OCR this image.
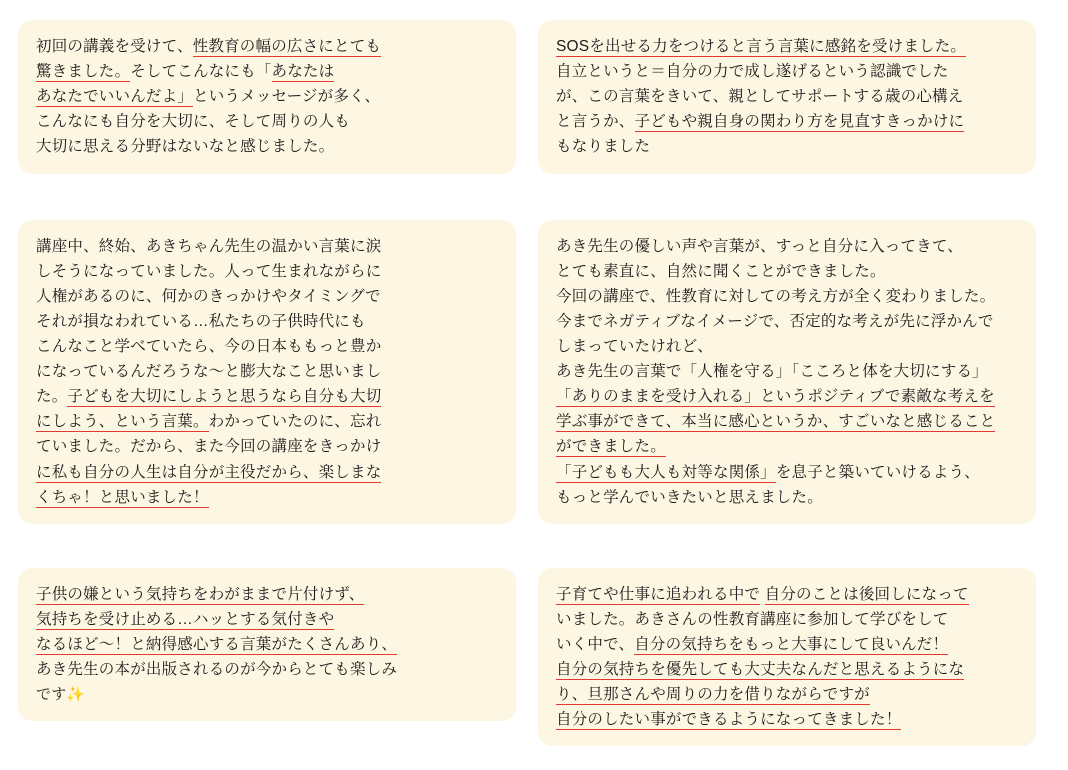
初回の講義を受けて、性教育の幅の広さにとても

驚きました。そしてこんなにも「あなたは

あなたでいいんだよ」というメッセージが多く、

こんなにも自分を大切に、そして周りの人も

大切に思える分野はないなと感じました。

講座中、終始、あきちゃん先生の温かい言葉に涙

しそうになっていました。人って生まれながらに

人権があるのに、何かのきっかけやタイミングで

それが損なわれている…私たちの子供時代にも

こんなこと学べていたら、今の日本ももっと豊か

になっているんだろうな〜と膨大なこと思いまし

た。子どもを大切にしようと思うなら自分も大切

にしよう、という言葉。わかっていたのに、忘れ

ていました。だから、また今回の講座をきっかけ

に私も自分の人生は自分が主役だから、楽しまな

くちゃ！と思いました！

子供の嫌という気持ちをわがままで片付けず、

気持ちを受け止める…ハッとする気付きや

なるほど〜！と納得感心する言葉がたくさんあり、

あき先生の本が出版されるのが今からとても楽しみ

です✨

SOSを出せる力をつけると言う言葉に感銘を受けました。

自立というと＝自分の力で成し遂げるという認識でした

が、この言葉をきいて、親としてサポートする歳の心構え

と言うか、子どもや親自身の関わり方を見直すきっかけに

もなりました

あき先生の優しい声や言葉が、すっと自分に入ってきて、

とても素直に、自然に聞くことができました。

今回の講座で、性教育に対しての考え方が全く変わりました。

今までネガティブなイメージで、否定的な考えが先に浮かんで

しまっていたけれど、

あき先生の言葉で「人権を守る」「こころと体を大切にする」

「ありのままを受け入れる」というポジティブで素敵な考えを

学ぶ事ができて、本当に感心というか、すごいなと感じること

ができました。

「子どもも大人も対等な関係」を息子と築いていけるよう、

もっと学んでいきたいと思えました。

子育てや仕事に追われる中で 自分のことは後回しになって

いました。あきさんの性教育講座に参加して学びをして

いく中で、自分の気持ちをもっと大事にして良いんだ！

自分の気持ちを優先しても大丈夫なんだと思えるようにな

り、旦那さんや周りの力を借りながらですが

自分のしたい事ができるようになってきました！
